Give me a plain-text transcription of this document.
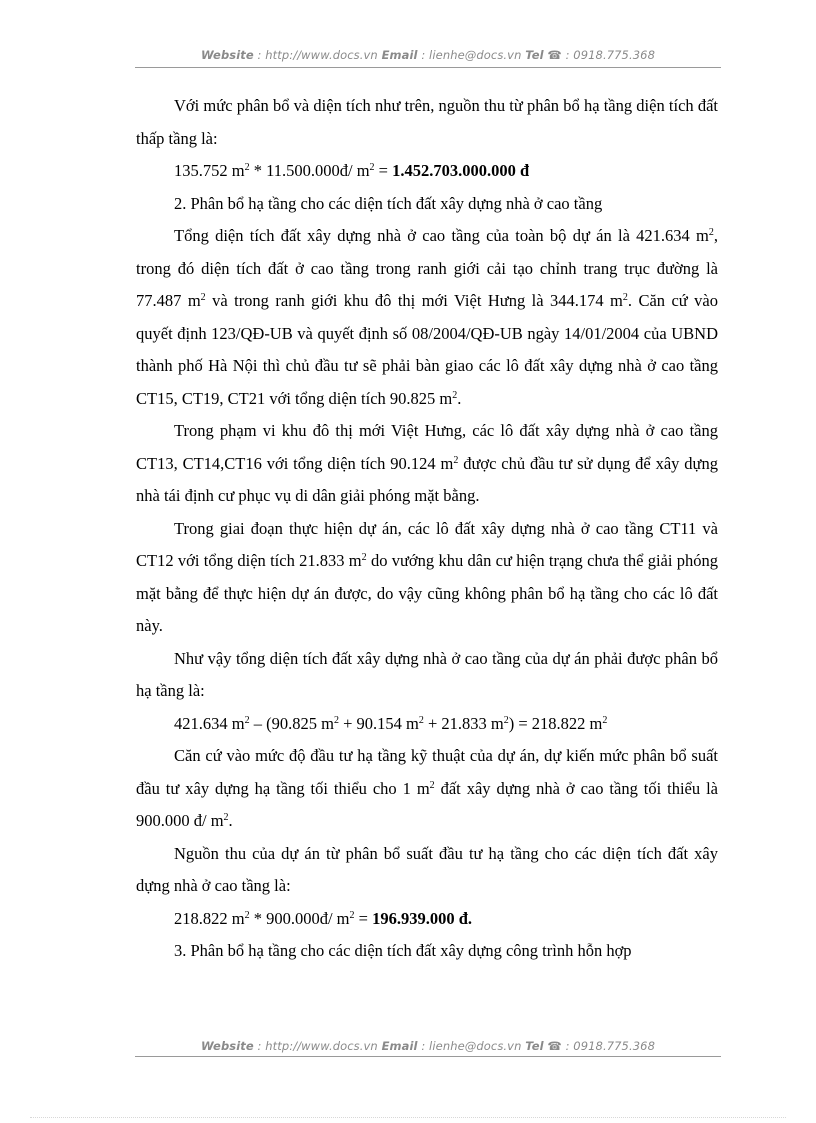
Website : http://www.docs.vn Email : lienhe@docs.vn Tel ☎ : 0918.775.368

Với mức phân bổ và diện tích như trên, nguồn thu từ phân bổ hạ tầng diện tích đất thấp tầng là:

135.752 $m^2$ * 11.500.000đ/ $m^2 = 1.452.703.000.000$ đ

2. Phân bổ hạ tầng cho các diện tích đất xây dựng nhà ở cao tầng

Tổng diện tích đất xây dựng nhà ở cao tầng của toàn bộ dự án là 421.634 $m^2$, trong đó diện tích đất ở cao tầng trong ranh giới cải tạo chỉnh trang trục đường là 77.487 $m^2$ và trong ranh giới khu đô thị mới Việt Hưng là 344.174 $m^2$. Căn cứ vào quyết định 123/QĐ-UB và quyết định số 08/2004/QĐ-UB ngày 14/01/2004 của UBND thành phố Hà Nội thì chủ đầu tư sẽ phải bàn giao các lô đất xây dựng nhà ở cao tầng CT15, CT19, CT21 với tổng diện tích 90.825 $m^2$.

Trong phạm vi khu đô thị mới Việt Hưng, các lô đất xây dựng nhà ở cao tầng CT13, CT14,CT16 với tổng diện tích 90.124 $m^2$ được chủ đầu tư sử dụng để xây dựng nhà tái định cư phục vụ di dân giải phóng mặt bằng.

Trong giai đoạn thực hiện dự án, các lô đất xây dựng nhà ở cao tầng CT11 và CT12 với tổng diện tích 21.833 $m^2$ do vướng khu dân cư hiện trạng chưa thể giải phóng mặt bằng để thực hiện dự án được, do vậy cũng không phân bổ hạ tầng cho các lô đất này.

Như vậy tổng diện tích đất xây dựng nhà ở cao tầng của dự án phải được phân bổ hạ tầng là:

421.634 $m^2 - (90.825$ $m^2 + 90.154$ $m^2 + 21.833$ $m^2) = 218.822$ $m^2$

Căn cứ vào mức độ đầu tư hạ tầng kỹ thuật của dự án, dự kiến mức phân bổ suất đầu tư xây dựng hạ tầng tối thiểu cho 1 $m^2$ đất xây dựng nhà ở cao tầng tối thiểu là 900.000 đ/ $m^2$.

Nguồn thu của dự án từ phân bổ suất đầu tư hạ tầng cho các diện tích đất xây dựng nhà ở cao tầng là:

218.822 $m^2$ * 900.000đ/ $m^2 = 196.939.000$ đ.

3. Phân bổ hạ tầng cho các diện tích đất xây dựng công trình hỗn hợp

Website : http://www.docs.vn Email : lienhe@docs.vn Tel ☎ : 0918.775.368
